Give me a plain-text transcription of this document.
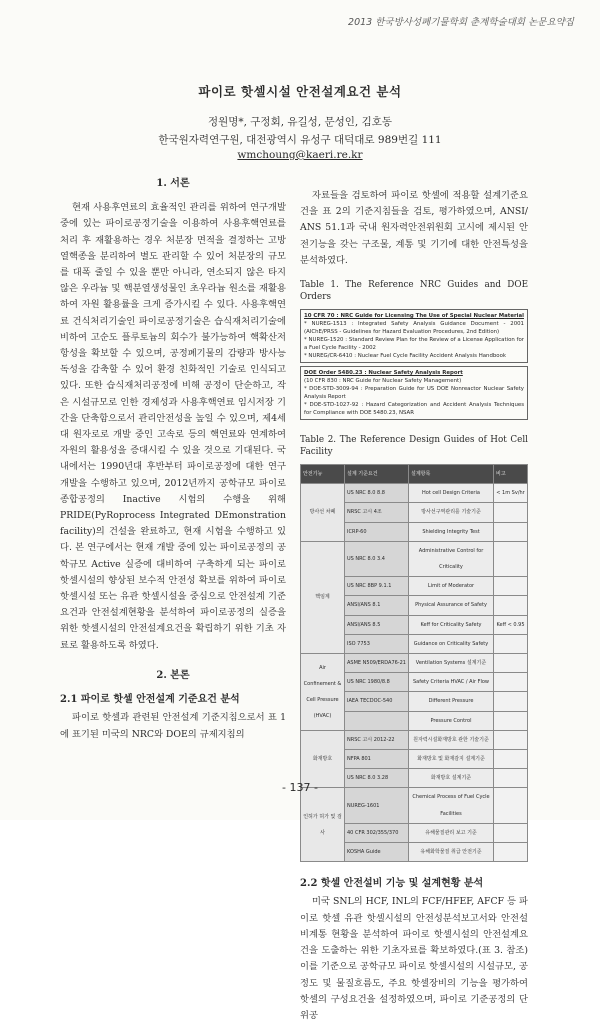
2013 한국방사성폐기물학회 춘계학술대회 논문요약집
파이로 핫셀시설 안전설계요건 분석
정원명*, 구정회, 유길성, 문성인, 김호동
한국원자력연구원, 대전광역시 유성구 대덕대로 989번길 111
wmchoung@kaeri.re.kr
1. 서론
현재 사용후연료의 효율적인 관리를 위하여 연구개발 중에 있는 파이로공정기술을 이용하여 사용후핵연료를 처리 후 재활용하는 경우 처분장 면적을 결정하는 고방열핵종을 분리하여 별도 관리할 수 있어 처분장의 규모를 대폭 줄일 수 있을 뿐만 아니라, 연소되지 않은 타지 않은 우라늄 및 핵분열생성물인 초우라늄 원소를 재활용하여 자원 활용률을 크게 증가시킬 수 있다. 사용후핵연료 건식처리기술인 파이로공정기술은 습식재처리기술에 비하여 고순도 플루토늄의 회수가 불가능하여 핵확산저항성을 확보할 수 있으며, 공정폐기물의 감량과 방사능독성을 감축할 수 있어 환경 친화적인 기술로 인식되고 있다. 또한 습식재처리공정에 비해 공정이 단순하고, 작은 시설규모로 인한 경제성과 사용후핵연료 임시저장 기간을 단축함으로서 관리안전성을 높일 수 있으며, 제4세대 원자로로 개발 중인 고속로 등의 핵연료와 연계하여 자원의 활용성을 증대시킬 수 있을 것으로 기대된다. 국내에서는 1990년대 후반부터 파이로공정에 대한 연구개발을 수행하고 있으며, 2012년까지 공학규모 파이로 종합공정의 Inactive 시험의 수행을 위해 PRIDE(PyRoprocess Integrated DEmonstration facility)의 건설을 완료하고, 현재 시험을 수행하고 있다. 본 연구에서는 현재 개발 중에 있는 파이로공정의 공학규모 Active 실증에 대비하여 구축하게 되는 파이로 핫셀시설의 향상된 보수적 안전성 확보를 위하여 파이로 핫셀시설 또는 유관 핫셀시설을 중심으로 안전설계 기준요건과 안전설계현황을 분석하여 파이로공정의 실증을 위한 핫셀시설의 안전설계요건을 확립하기 위한 기초 자료로 활용하도록 하였다.
2. 본론
2.1 파이로 핫셀 안전설계 기준요건 분석
파이로 핫셀과 관련된 안전설계 기준지침으로서 표 1에 표기된 미국의 NRC와 DOE의 규제지침의
자료들을 검토하여 파이로 핫셀에 적용할 설계기준요건을 표 2의 기준지침들을 검토, 평가하였으며, ANSI/ ANS 51.1과 국내 원자력안전위원회 고시에 제시된 안전기능을 갖는 구조물, 계통 및 기기에 대한 안전특성을 분석하였다.
Table 1. The Reference NRC Guides and DOE Orders
10 CFR 70 : NRC Guide for Licensing The Use of Special Nuclear Material
* NUREG-1513 : Integrated Safety Analysis Guidance Document - 2001 (AIChE/PRSS - Guidelines for Hazard Evaluation Procedures, 2nd Edition)
* NUREG-1520 : Standard Review Plan for the Review of a License Application for a Fuel Cycle Facility - 2002
* NUREG/CR-6410 : Nuclear Fuel Cycle Facility Accident Analysis Handbook
DOE Order 5480.23 : Nuclear Safety Analysis Report
(10 CFR 830 : NRC Guide for Nuclear Safety Management)
* DOE-STD-3009-94 : Preparation Guide for US DOE Nonreactor Nuclear Safety Analysis Report
* DOE-STD-1027-92 : Hazard Categorization and Accident Analysis Techniques for Compliance with DOE 5480.23, NSAR
Table 2. The Reference Design Guides of Hot Cell Facility
안전기능	설계 기준요건	설계항목	비고
방사선 차폐	US NRC 8.0 8.8	Hot cell Design Criteria	< 1m Sv/hr
	NRSC 고시 4조	방사선구역관리를 기술기준	
	ICRP-60	Shielding Integrity Test	
핵임계	US NRC 8.0 3.4	Administrative Control for Criticality	
	US NRC 8BP 9.1.1	Limit of Moderator	
	ANSI/ANS 8.1	Physical Assurance of Safety	
	ANSI/ANS 8.5	Keff for Criticality Safety	Keff < 0.95
	ISO 7753	Guidance on Criticality Safety	
Air Confinement & Cell Pressure (HVAC)	ASME N509/ERDA76-21	Ventilation Systems 설계기준	
	US NRC 1980/8.8	Safety Criteria HVAC / Air Flow	
	IAEA TECDOC-540	Different Pressure	
		Pressure Control	
화재방호	NRSC 고시 2012-22	원자력시설화재방호 관한 기술기준	
	NFPA 801	화재방호 및 화재감지 설계기준	
	US NRC 8.0 3.28	화재방호 설계기준	
인허가 허가 및 검사	NUREG-1601	Chemical Process of Fuel Cycle Facilities	
	40 CFR 302/355/370	유해물질관리 보고 기준	
	KOSHA Guide	유해화학물질 취급 안전기준	
2.2 핫셀 안전설비 기능 및 설계현황 분석
미국 SNL의 HCF, INL의 FCF/HFEF, AFCF 등 파이로 핫셀 유관 핫셀시설의 안전성분석보고서와 안전설비계통 현황을 분석하여 파이로 핫셀시설의 안전설계요건을 도출하는 위한 기초자료를 확보하였다.(표 3. 참조) 이를 기준으로 공학규모 파이로 핫셀시설의 시설규모, 공정도 및 물질흐름도, 주요 핫셀장비의 기능을 평가하여 핫셀의 구성요건을 설정하였으며, 파이로 기준공정의 단위공
- 137 -
